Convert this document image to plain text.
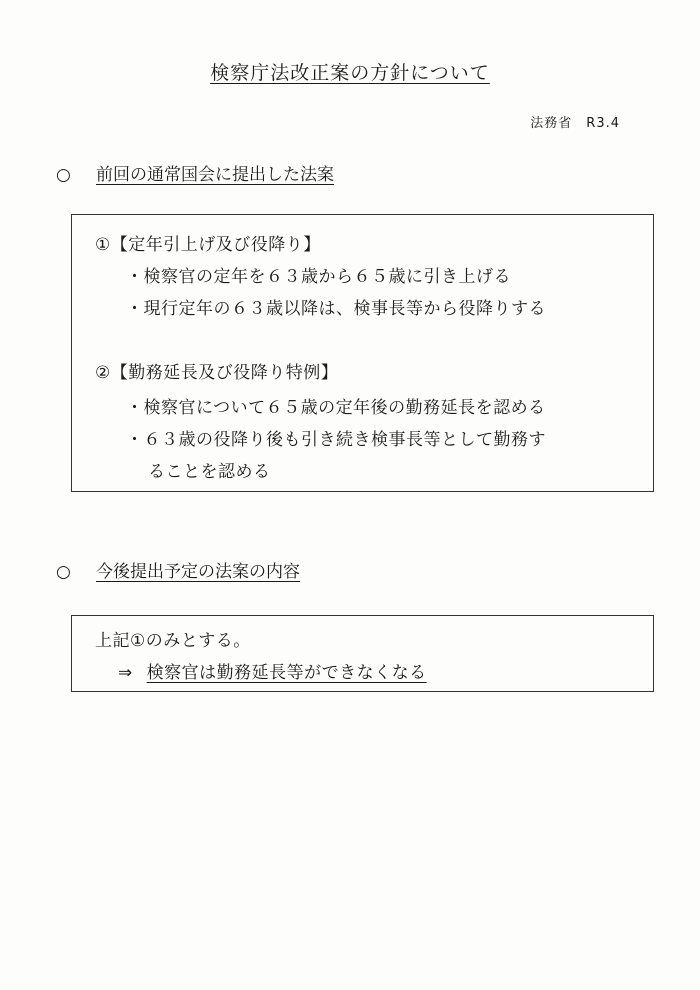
検察庁法改正案の方針について
法務省 R3.4
○ 前回の通常国会に提出した法案
①【定年引上げ及び役降り】
・検察官の定年を６３歳から６５歳に引き上げる
・現行定年の６３歳以降は、検事長等から役降りする
②【勤務延長及び役降り特例】
・検察官について６５歳の定年後の勤務延長を認める
・６３歳の役降り後も引き続き検事長等として勤務す
ることを認める
○ 今後提出予定の法案の内容
上記①のみとする。
⇒ 検察官は勤務延長等ができなくなる
